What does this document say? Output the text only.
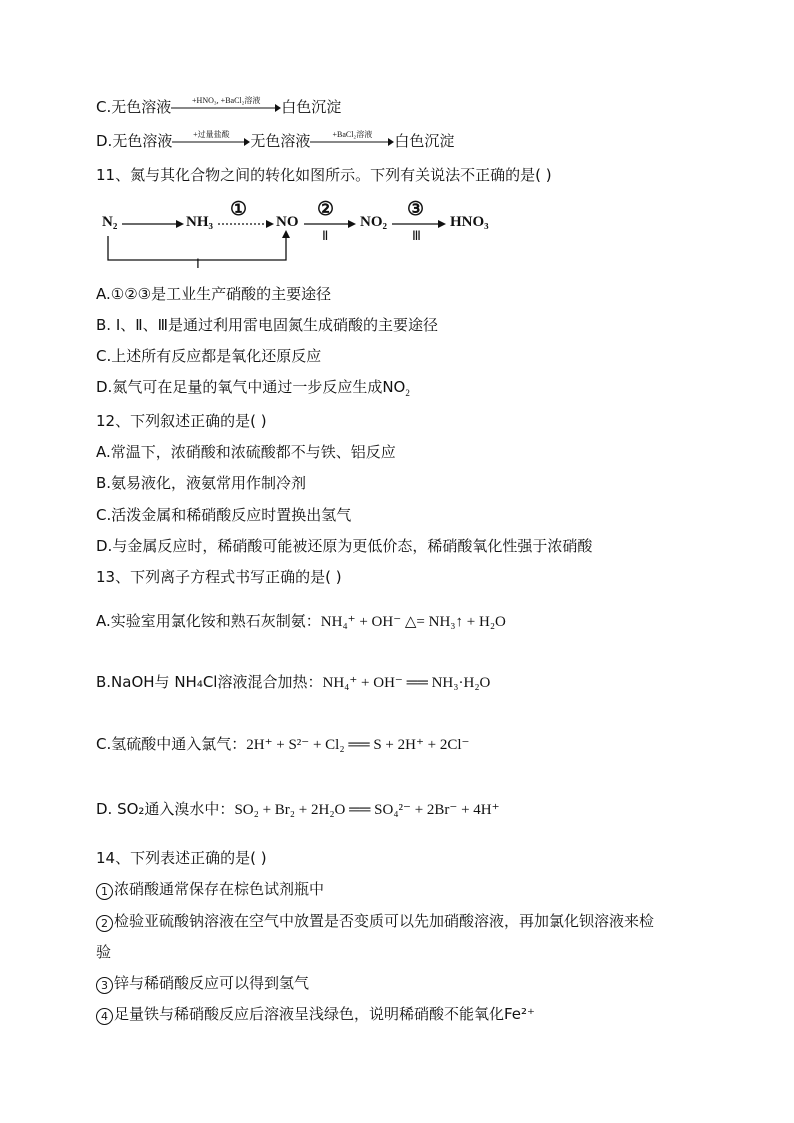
C.无色溶液	+HNO₃, +BaCl₂溶液	白色沉淀
D.无色溶液	+过量盐酸	无色溶液	+BaCl₂溶液	白色沉淀
11、氮与其化合物之间的转化如图所示。下列有关说法不正确的是( )
N₂	NH₃	NO	NO₂	HNO₃
①	②	③
Ⅱ	Ⅲ
Ⅰ
A.①②③是工业生产硝酸的主要途径
B. Ⅰ、Ⅱ、Ⅲ是通过利用雷电固氮生成硝酸的主要途径
C.上述所有反应都是氧化还原反应
D.氮气可在足量的氧气中通过一步反应生成$NO_2$
12、下列叙述正确的是( )
A.常温下，浓硝酸和浓硫酸都不与铁、铝反应
B.氨易液化，液氨常用作制冷剂
C.活泼金属和稀硝酸反应时置换出氢气
D.与金属反应时，稀硝酸可能被还原为更低价态，稀硝酸氧化性强于浓硝酸
13、下列离子方程式书写正确的是( )
A.实验室用氯化铵和熟石灰制氨：NH₄⁺ + OH⁻ △= NH₃↑ + H₂O
B.NaOH与 NH₄Cl溶液混合加热：NH₄⁺ + OH⁻ ══ NH₃·H₂O
C.氢硫酸中通入氯气：2H⁺ + S²⁻ + Cl₂ ══ S + 2H⁺ + 2Cl⁻
D. SO₂通入溴水中：SO₂ + Br₂ + 2H₂O ══ SO₄²⁻ + 2Br⁻ + 4H⁺
14、下列表述正确的是( )
1 浓硝酸通常保存在棕色试剂瓶中
2 检验亚硫酸钠溶液在空气中放置是否变质可以先加硝酸溶液，再加氯化钡溶液来检
验
3 锌与稀硝酸反应可以得到氢气
4 足量铁与稀硝酸反应后溶液呈浅绿色，说明稀硝酸不能氧化Fe²⁺
